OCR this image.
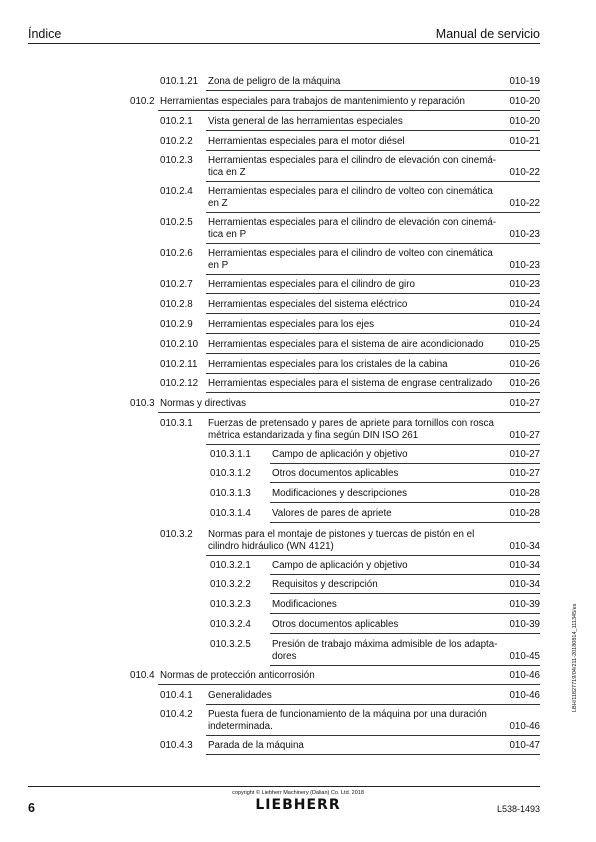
Índice	Manual de servicio
010.1.21 Zona de peligro de la máquina	010-19
010.2 Herramientas especiales para trabajos de mantenimiento y reparación	010-20
010.2.1 Vista general de las herramientas especiales	010-20
010.2.2 Herramientas especiales para el motor diésel	010-21
010.2.3 Herramientas especiales para el cilindro de elevación con cinemá-
tica en Z	010-22
010.2.4 Herramientas especiales para el cilindro de volteo con cinemática
en Z	010-22
010.2.5 Herramientas especiales para el cilindro de elevación con cinemá-
tica en P	010-23
010.2.6 Herramientas especiales para el cilindro de volteo con cinemática
en P	010-23
010.2.7 Herramientas especiales para el cilindro de giro	010-23
010.2.8 Herramientas especiales del sistema eléctrico	010-24
010.2.9 Herramientas especiales para los ejes	010-24
010.2.10 Herramientas especiales para el sistema de aire acondicionado	010-25
010.2.11 Herramientas especiales para los cristales de la cabina	010-26
010.2.12 Herramientas especiales para el sistema de engrase centralizado	010-26
010.3 Normas y directivas	010-27
010.3.1 Fuerzas de pretensado y pares de apriete para tornillos con rosca
métrica estandarizada y fina según DIN ISO 261	010-27
010.3.1.1 Campo de aplicación y objetivo	010-27
010.3.1.2 Otros documentos aplicables	010-27
010.3.1.3 Modificaciones y descripciones	010-28
010.3.1.4 Valores de pares de apriete	010-28
010.3.2 Normas para el montaje de pistones y tuercas de pistón en el
cilindro hidráulico (WN 4121)	010-34
010.3.2.1 Campo de aplicación y objetivo	010-34
010.3.2.2 Requisitos y descripción	010-34
010.3.2.3 Modificaciones	010-39
010.3.2.4 Otros documentos aplicables	010-39
010.3.2.5 Presión de trabajo máxima admisible de los adapta-
dores	010-45
010.4 Normas de protección anticorrosión	010-46
010.4.1 Generalidades	010-46
010.4.2 Puesta fuera de funcionamiento de la máquina por una duración
indeterminada.	010-46
010.4.3 Parada de la máquina	010-47
copyright © Liebherr Machinery (Dalian) Co. Ltd. 2018
LIEBHERR
6	L538-1493
LBH/11827719/04/211-20180814_111345/es
